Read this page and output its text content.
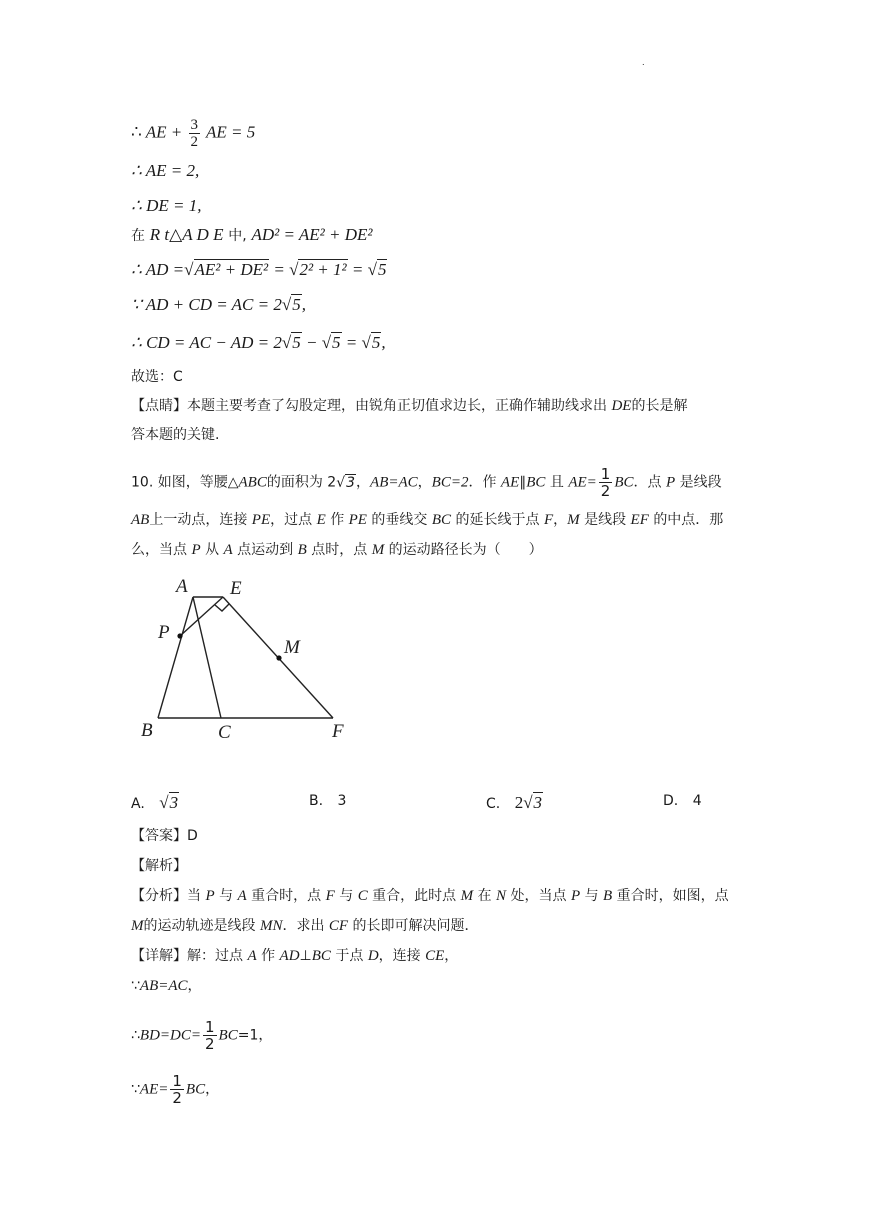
.
∴ AE + $\frac{3}{2}$ AE = 5
∴ AE = 2,
∴ DE = 1,
在 R t△A D E 中, AD² = AE² + DE²
∴ AD =√AE² + DE² = √2² + 1² = √5
∵ AD + CD = AC = 2√5,
∴ CD = AC − AD = 2√5 − √5 = √5,
故选：C
【点睛】本题主要考查了勾股定理，由锐角正切值求边长，正确作辅助线求出 DE的长是解
答本题的关键.
10. 如图，等腰△ABC的面积为 2√3，AB=AC，BC=2．作 AE∥BC 且 $AE= \frac{1}{2}$ BC．点 P 是线段
AB上一动点，连接 PE，过点 E 作 PE 的垂线交 BC 的延长线于点 F，M 是线段 EF 的中点．那
么，当点 P 从 A 点运动到 B 点时，点 M 的运动路径长为（　　）
A E
P
M
B	C	F
A. √3	B. 3	C. 2√3	D. 4
【答案】D
【解析】
【分析】当 P 与 A 重合时，点 F 与 C 重合，此时点 M 在 N 处，当点 P 与 B 重合时，如图，点
M的运动轨迹是线段 MN．求出 CF 的长即可解决问题．
【详解】解：过点 A 作 AD⊥BC 于点 D，连接 CE，
∵AB=AC，
∴BD=DC= $\frac{1}{2} BC=1$，
∵AE= $\frac{1}{2}$ BC，
